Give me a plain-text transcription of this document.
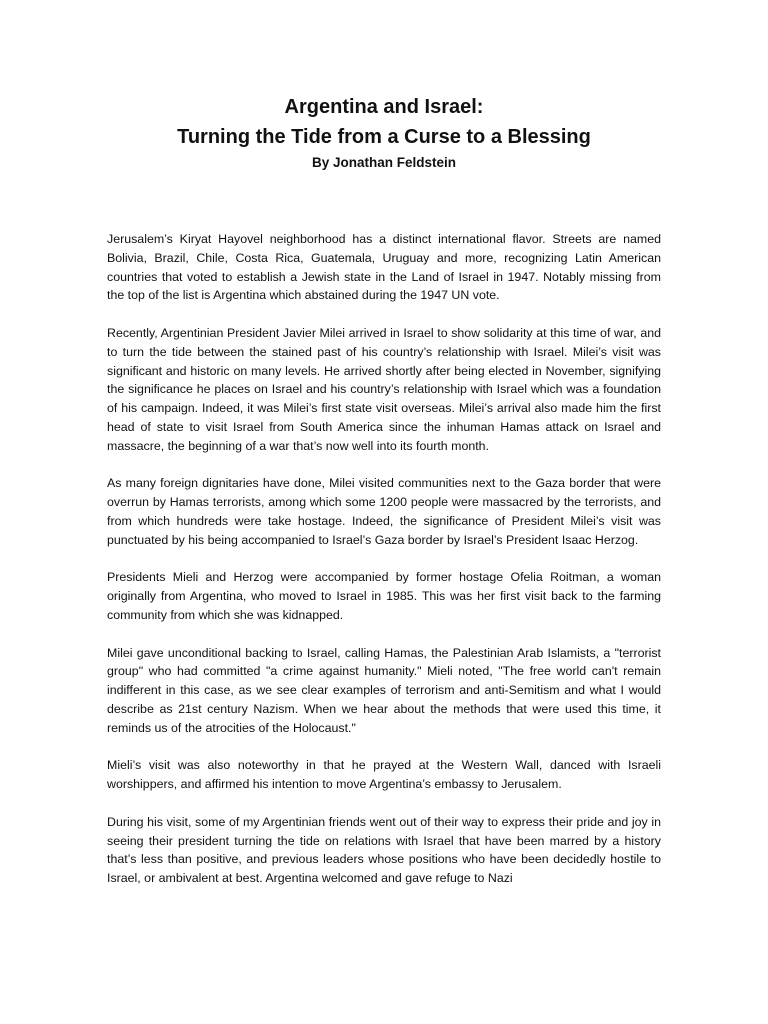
Argentina and Israel:
Turning the Tide from a Curse to a Blessing
By Jonathan Feldstein

Jerusalem’s Kiryat Hayovel neighborhood has a distinct international flavor. Streets are named Bolivia, Brazil, Chile, Costa Rica, Guatemala, Uruguay and more, recognizing Latin American countries that voted to establish a Jewish state in the Land of Israel in 1947. Notably missing from the top of the list is Argentina which abstained during the 1947 UN vote.

Recently, Argentinian President Javier Milei arrived in Israel to show solidarity at this time of war, and to turn the tide between the stained past of his country’s relationship with Israel. Milei’s visit was significant and historic on many levels. He arrived shortly after being elected in November, signifying the significance he places on Israel and his country’s relationship with Israel which was a foundation of his campaign. Indeed, it was Milei’s first state visit overseas. Milei’s arrival also made him the first head of state to visit Israel from South America since the inhuman Hamas attack on Israel and massacre, the beginning of a war that’s now well into its fourth month.

As many foreign dignitaries have done, Milei visited communities next to the Gaza border that were overrun by Hamas terrorists, among which some 1200 people were massacred by the terrorists, and from which hundreds were take hostage. Indeed, the significance of President Milei’s visit was punctuated by his being accompanied to Israel’s Gaza border by Israel’s President Isaac Herzog.

Presidents Mieli and Herzog were accompanied by former hostage Ofelia Roitman, a woman originally from Argentina, who moved to Israel in 1985. This was her first visit back to the farming community from which she was kidnapped.

Milei gave unconditional backing to Israel, calling Hamas, the Palestinian Arab Islamists, a "terrorist group" who had committed "a crime against humanity." Mieli noted, "The free world can't remain indifferent in this case, as we see clear examples of terrorism and anti-Semitism and what I would describe as 21st century Nazism. When we hear about the methods that were used this time, it reminds us of the atrocities of the Holocaust."

Mieli’s visit was also noteworthy in that he prayed at the Western Wall, danced with Israeli worshippers, and affirmed his intention to move Argentina’s embassy to Jerusalem.

During his visit, some of my Argentinian friends went out of their way to express their pride and joy in seeing their president turning the tide on relations with Israel that have been marred by a history that’s less than positive, and previous leaders whose positions who have been decidedly hostile to Israel, or ambivalent at best. Argentina welcomed and gave refuge to Nazi
